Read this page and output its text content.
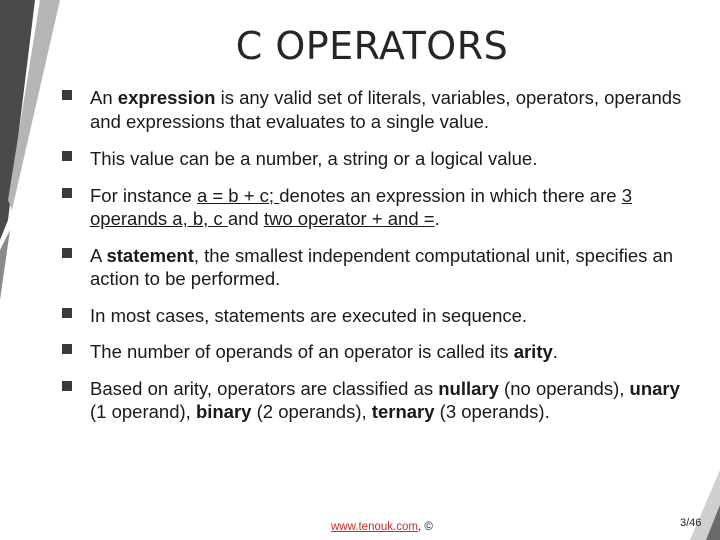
C OPERATORS
An expression is any valid set of literals, variables, operators, operands and expressions that evaluates to a single value.
This value can be a number, a string or a logical value.
For instance a = b + c; denotes an expression in which there are 3 operands a, b, c and two operator + and =.
A statement, the smallest independent computational unit, specifies an action to be performed.
In most cases, statements are executed in sequence.
The number of operands of an operator is called its arity.
Based on arity, operators are classified as nullary (no operands), unary (1 operand), binary (2 operands), ternary (3 operands).
www.tenouk.com, ©	3/46
